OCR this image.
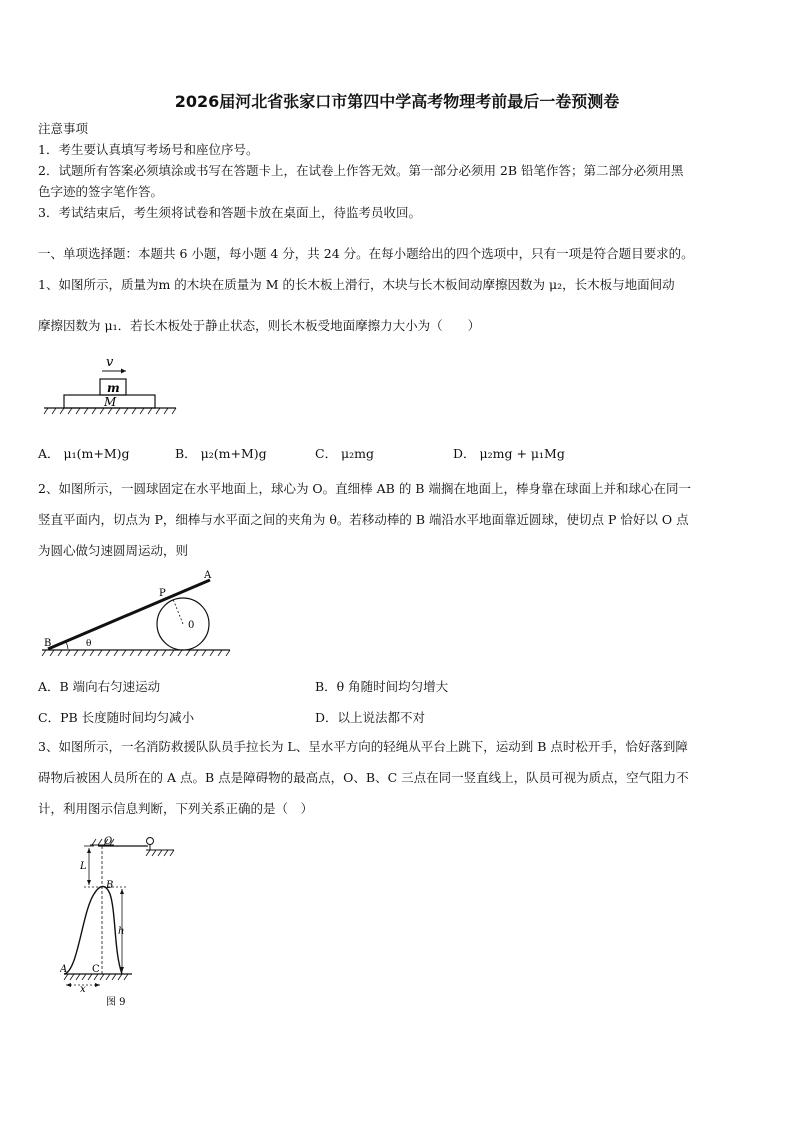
2026届河北省张家口市第四中学高考物理考前最后一卷预测卷
注意事项
1．考生要认真填写考场号和座位序号。
2．试题所有答案必须填涂或书写在答题卡上，在试卷上作答无效。第一部分必须用 2B 铅笔作答；第二部分必须用黑
色字迹的签字笔作答。
3．考试结束后，考生须将试卷和答题卡放在桌面上，待监考员收回。
一、单项选择题：本题共 6 小题，每小题 4 分，共 24 分。在每小题给出的四个选项中，只有一项是符合题目要求的。
1、如图所示，质量为m 的木块在质量为 M 的长木板上滑行，木块与长木板间动摩擦因数为 μ₂，长木板与地面间动
摩擦因数为 μ₁．若长木板处于静止状态，则长木板受地面摩擦力大小为（　　）
v
m
M
A． μ₁(m+M)g	B． μ₂(m+M)g	C． μ₂mg	D． μ₂mg + μ₁Mg
2、如图所示，一圆球固定在水平地面上，球心为 O。直细棒 AB 的 B 端搁在地面上，棒身靠在球面上并和球心在同一
竖直平面内，切点为 P，细棒与水平面之间的夹角为 θ。若移动棒的 B 端沿水平地面靠近圆球，使切点 P 恰好以 O 点
为圆心做匀速圆周运动，则
A
P
0
B	θ
A．B 端向右匀速运动	B．θ 角随时间均匀增大
C．PB 长度随时间均匀减小	D．以上说法都不对
3、如图所示，一名消防救援队队员手拉长为 L、呈水平方向的轻绳从平台上跳下，运动到 B 点时松开手，恰好落到障
碍物后被困人员所在的 A 点。B 点是障碍物的最高点，O、B、C 三点在同一竖直线上，队员可视为质点，空气阻力不
计，利用图示信息判断，下列关系正确的是（　）
O
L
B
h
A C
x
图 9
